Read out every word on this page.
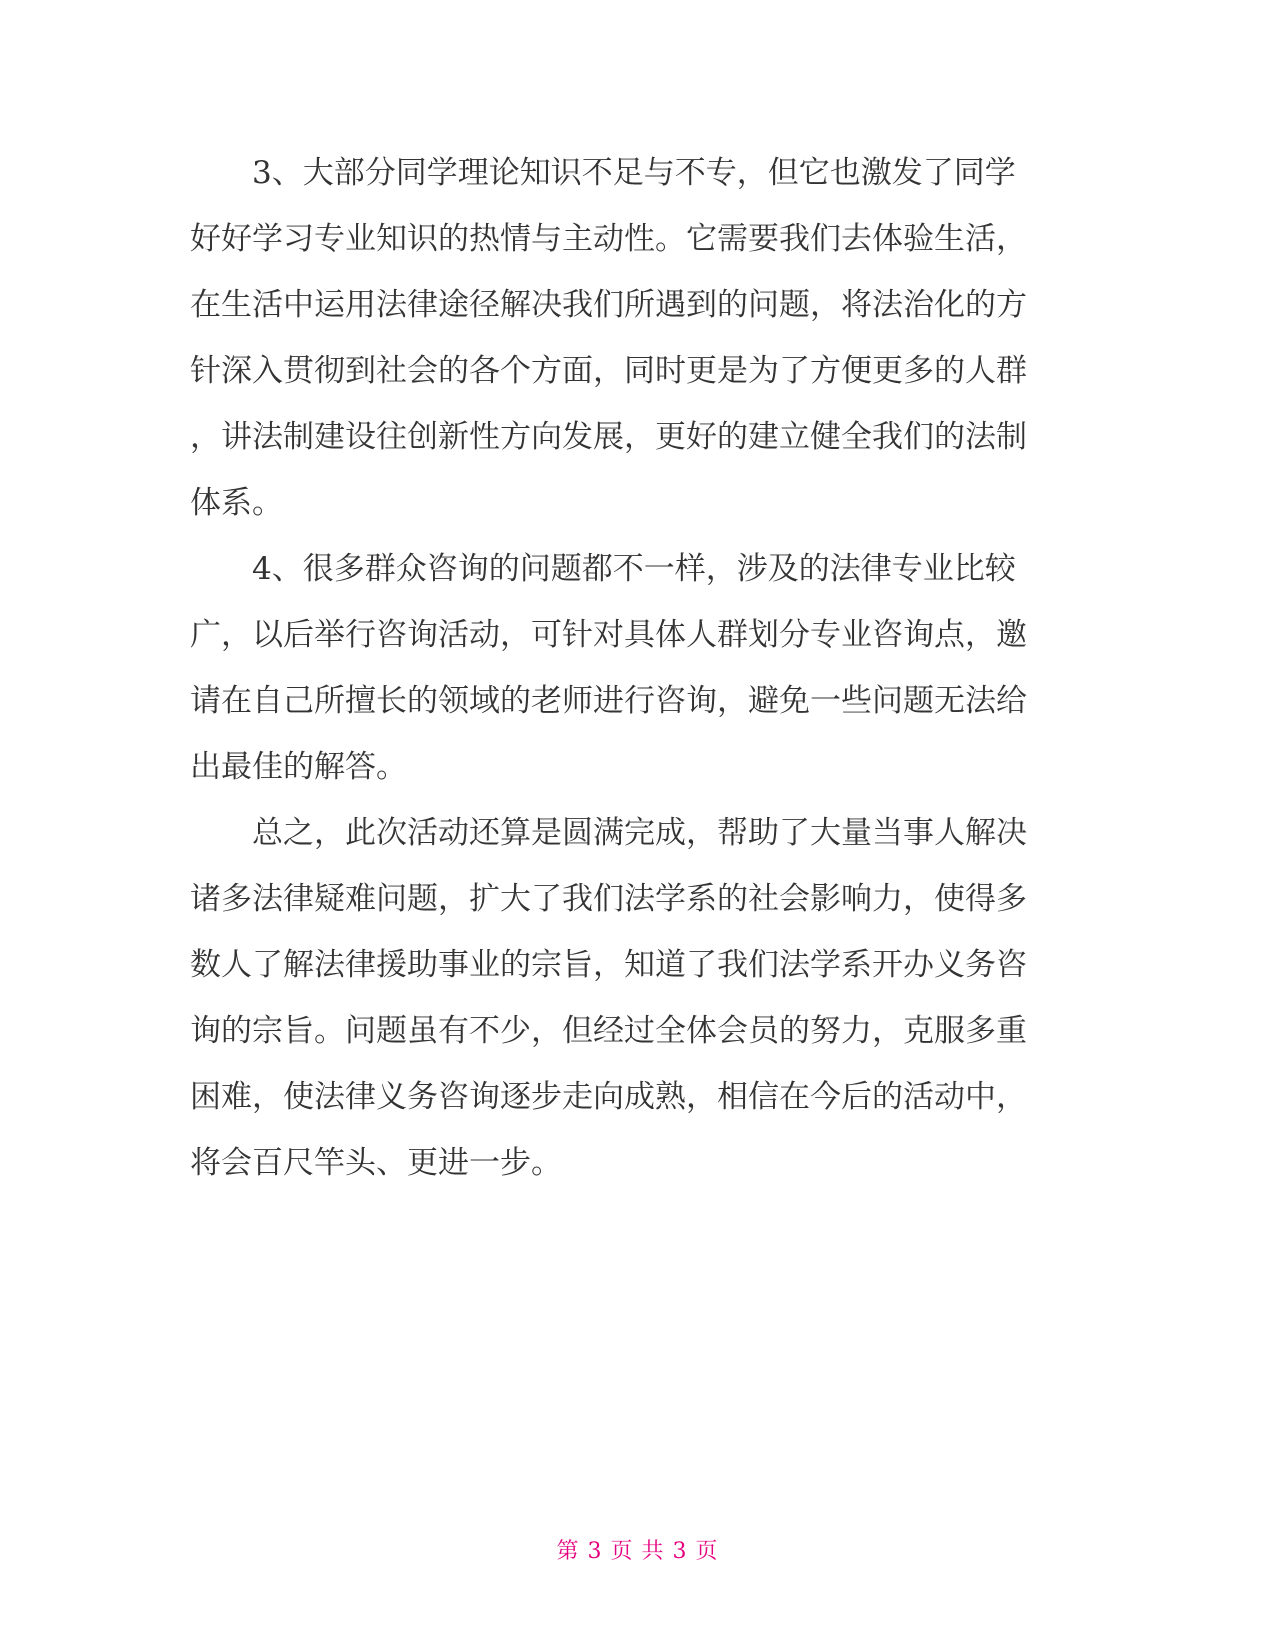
3、大部分同学理论知识不足与不专，但它也激发了同学
好好学习专业知识的热情与主动性。它需要我们去体验生活，
在生活中运用法律途径解决我们所遇到的问题，将法治化的方
针深入贯彻到社会的各个方面，同时更是为了方便更多的人群
，讲法制建设往创新性方向发展，更好的建立健全我们的法制
体系。
4、很多群众咨询的问题都不一样，涉及的法律专业比较
广，以后举行咨询活动，可针对具体人群划分专业咨询点，邀
请在自己所擅长的领域的老师进行咨询，避免一些问题无法给
出最佳的解答。
总之，此次活动还算是圆满完成，帮助了大量当事人解决
诸多法律疑难问题，扩大了我们法学系的社会影响力，使得多
数人了解法律援助事业的宗旨，知道了我们法学系开办义务咨
询的宗旨。问题虽有不少，但经过全体会员的努力，克服多重
困难，使法律义务咨询逐步走向成熟，相信在今后的活动中，
将会百尺竿头、更进一步。
第 3 页 共 3 页
